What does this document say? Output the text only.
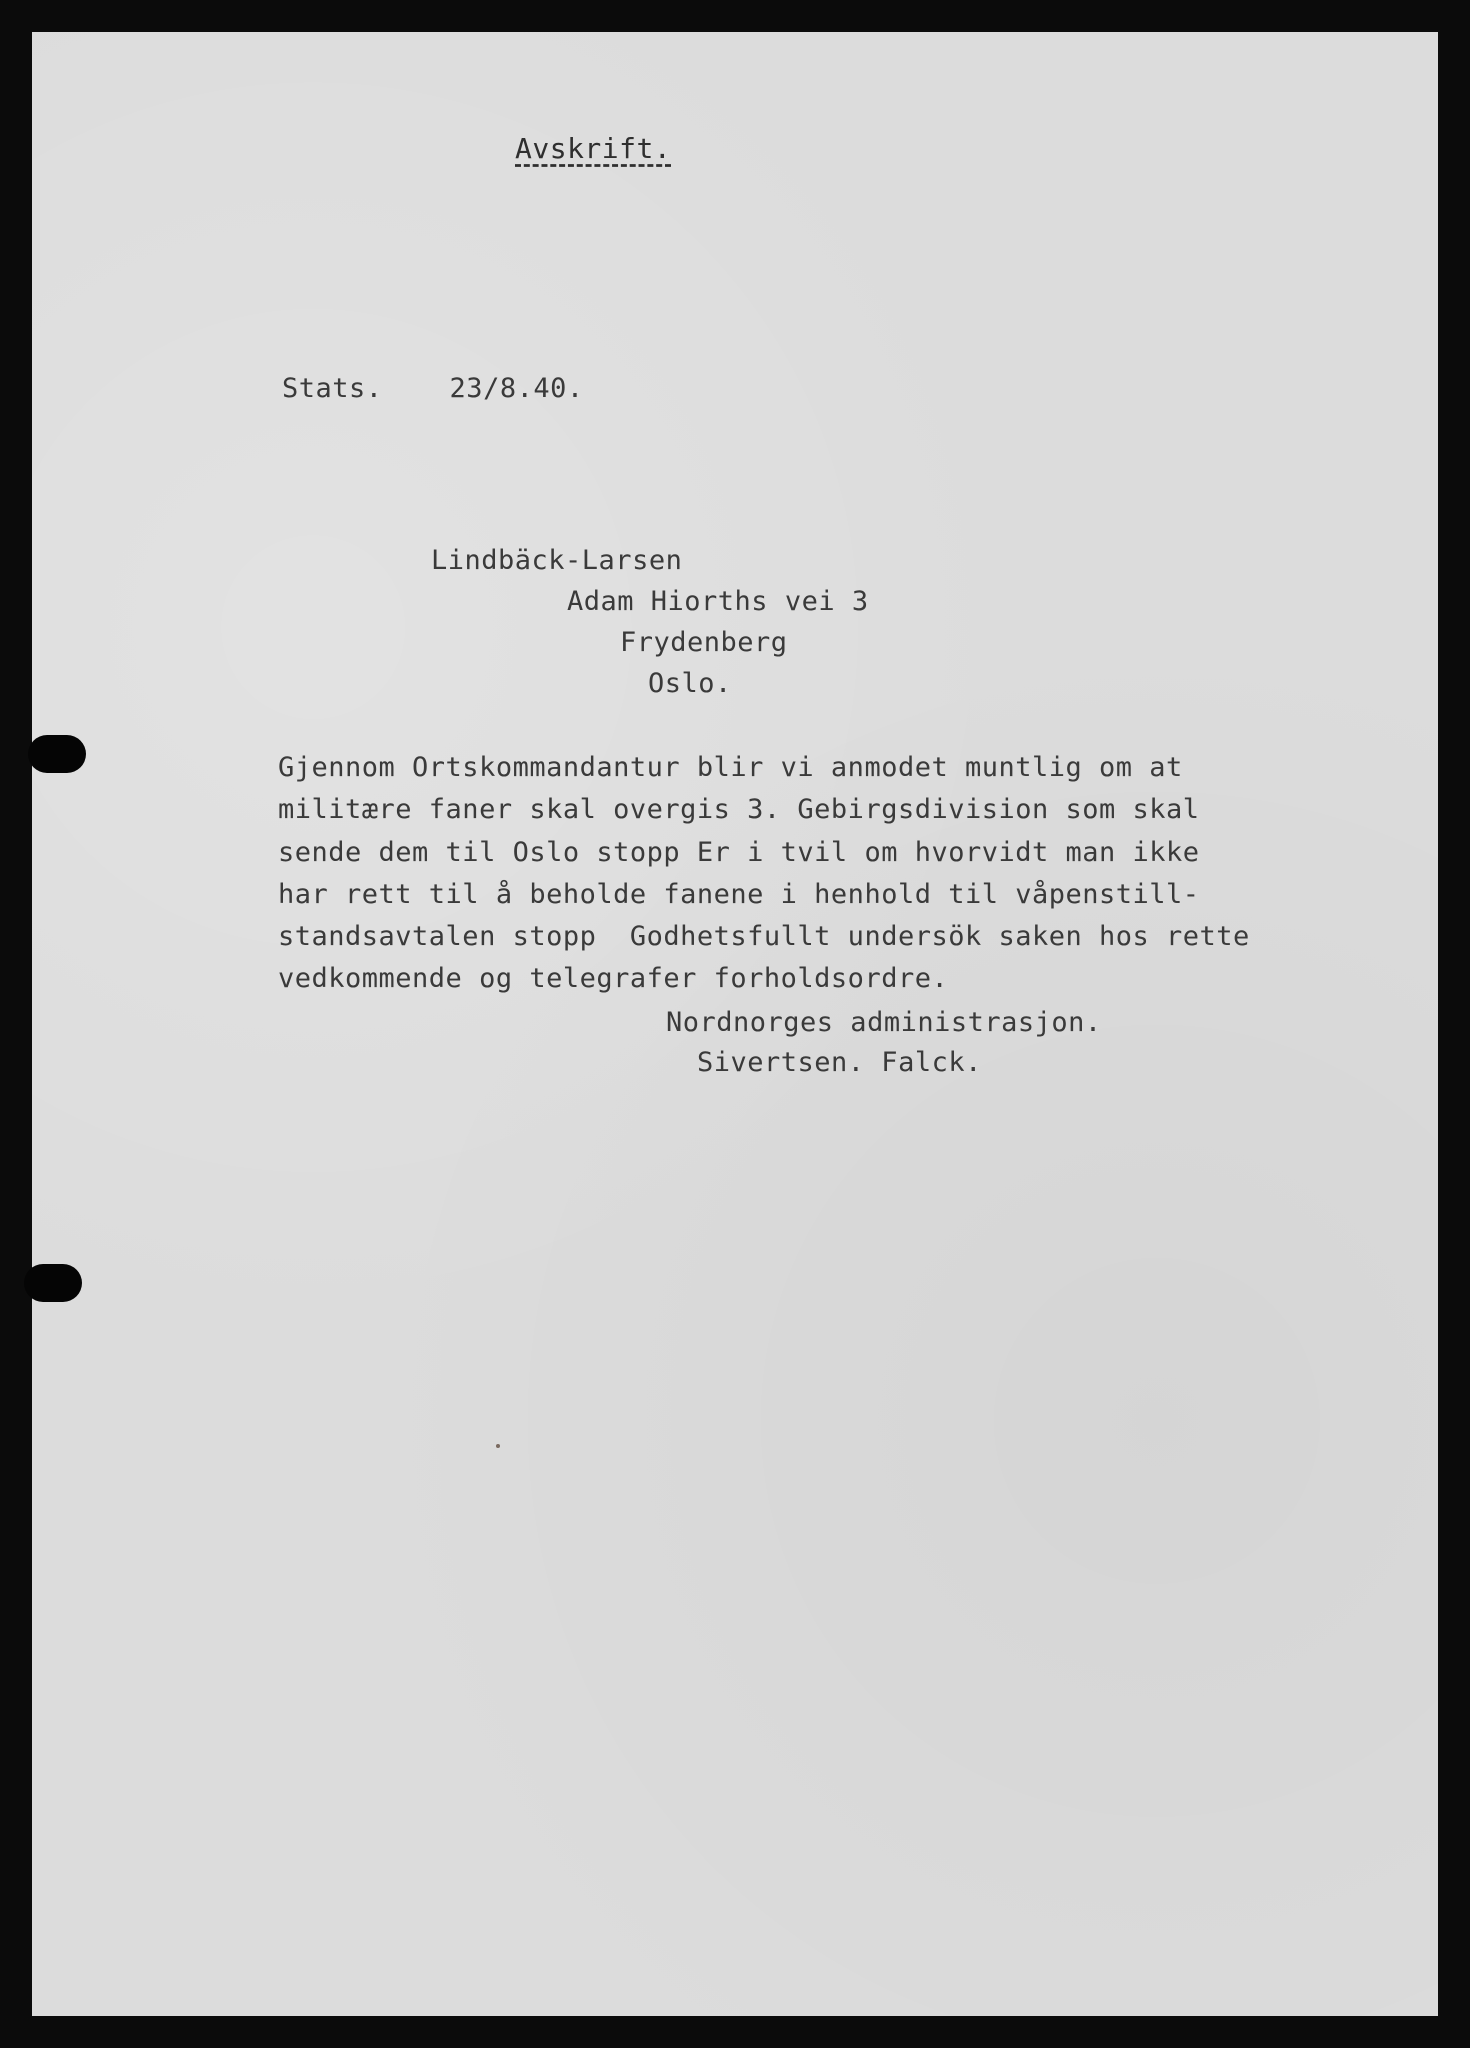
Avskrift.

Stats.    23/8.40.

Lindbäck-Larsen

Adam Hiorths vei 3

Frydenberg

Oslo.

Gjennom Ortskommandantur blir vi anmodet muntlig om at
militære faner skal overgis 3. Gebirgsdivision som skal
sende dem til Oslo stopp Er i tvil om hvorvidt man ikke
har rett til å beholde fanene i henhold til våpenstill-
standsavtalen stopp  Godhetsfullt undersök saken hos rette
vedkommende og telegrafer forholdsordre.

Nordnorges administrasjon.

Sivertsen. Falck.
